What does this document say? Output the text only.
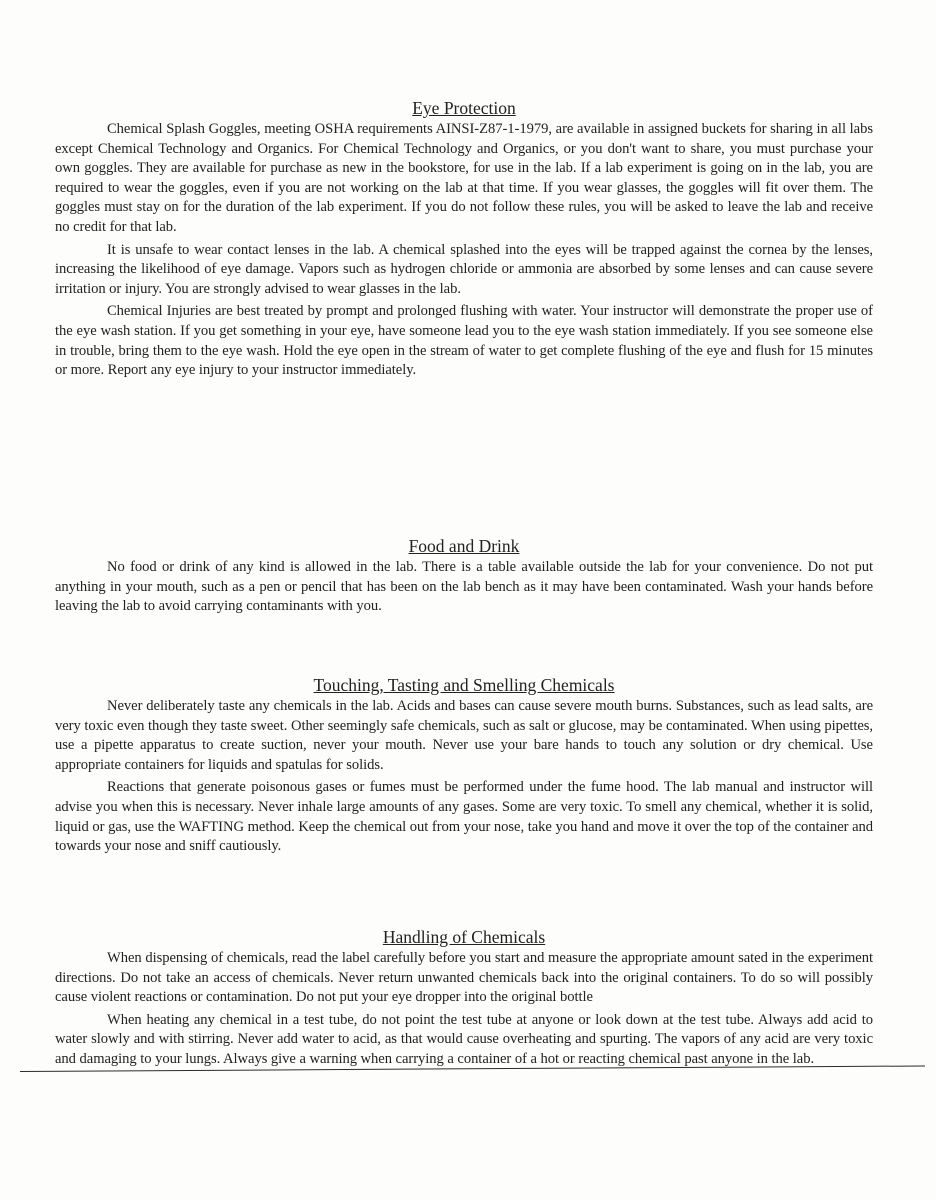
Eye Protection

Chemical Splash Goggles, meeting OSHA requirements AINSI-Z87-1-1979, are available in assigned buckets for sharing in all labs except Chemical Technology and Organics. For Chemical Technology and Organics, or you don't want to share, you must purchase your own goggles. They are available for purchase as new in the bookstore, for use in the lab. If a lab experiment is going on in the lab, you are required to wear the goggles, even if you are not working on the lab at that time. If you wear glasses, the goggles will fit over them. The goggles must stay on for the duration of the lab experiment. If you do not follow these rules, you will be asked to leave the lab and receive no credit for that lab.

It is unsafe to wear contact lenses in the lab. A chemical splashed into the eyes will be trapped against the cornea by the lenses, increasing the likelihood of eye damage. Vapors such as hydrogen chloride or ammonia are absorbed by some lenses and can cause severe irritation or injury. You are strongly advised to wear glasses in the lab.

Chemical Injuries are best treated by prompt and prolonged flushing with water. Your instructor will demonstrate the proper use of the eye wash station. If you get something in your eye, have someone lead you to the eye wash station immediately. If you see someone else in trouble, bring them to the eye wash. Hold the eye open in the stream of water to get complete flushing of the eye and flush for 15 minutes or more. Report any eye injury to your instructor immediately.

Food and Drink

No food or drink of any kind is allowed in the lab. There is a table available outside the lab for your convenience. Do not put anything in your mouth, such as a pen or pencil that has been on the lab bench as it may have been contaminated. Wash your hands before leaving the lab to avoid carrying contaminants with you.

Touching, Tasting and Smelling Chemicals

Never deliberately taste any chemicals in the lab. Acids and bases can cause severe mouth burns. Substances, such as lead salts, are very toxic even though they taste sweet. Other seemingly safe chemicals, such as salt or glucose, may be contaminated. When using pipettes, use a pipette apparatus to create suction, never your mouth. Never use your bare hands to touch any solution or dry chemical. Use appropriate containers for liquids and spatulas for solids.

Reactions that generate poisonous gases or fumes must be performed under the fume hood. The lab manual and instructor will advise you when this is necessary. Never inhale large amounts of any gases. Some are very toxic. To smell any chemical, whether it is solid, liquid or gas, use the WAFTING method. Keep the chemical out from your nose, take you hand and move it over the top of the container and towards your nose and sniff cautiously.

Handling of Chemicals

When dispensing of chemicals, read the label carefully before you start and measure the appropriate amount sated in the experiment directions. Do not take an access of chemicals. Never return unwanted chemicals back into the original containers. To do so will possibly cause violent reactions or contamination. Do not put your eye dropper into the original bottle

When heating any chemical in a test tube, do not point the test tube at anyone or look down at the test tube. Always add acid to water slowly and with stirring. Never add water to acid, as that would cause overheating and spurting. The vapors of any acid are very toxic and damaging to your lungs. Always give a warning when carrying a container of a hot or reacting chemical past anyone in the lab.
